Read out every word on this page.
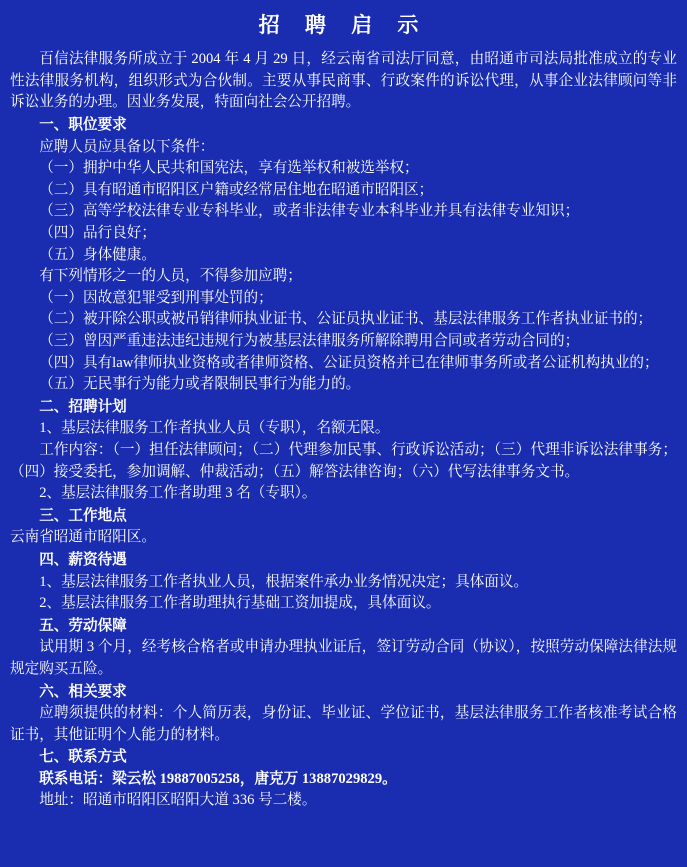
招 聘 启 示

百信法律服务所成立于 2004 年 4 月 29 日，经云南省司法厅同意，由昭通市司法局批准成立的专业性法律服务机构，组织形式为合伙制。主要从事民商事、行政案件的诉讼代理，从事企业法律顾问等非诉讼业务的办理。因业务发展，特面向社会公开招聘。

一、职位要求

应聘人员应具备以下条件：

（一）拥护中华人民共和国宪法，享有选举权和被选举权；

（二）具有昭通市昭阳区户籍或经常居住地在昭通市昭阳区；

（三）高等学校法律专业专科毕业，或者非法律专业本科毕业并具有法律专业知识；

（四）品行良好；

（五）身体健康。

有下列情形之一的人员，不得参加应聘；

（一）因故意犯罪受到刑事处罚的；

（二）被开除公职或被吊销律师执业证书、公证员执业证书、基层法律服务工作者执业证书的；

（三）曾因严重违法违纪违规行为被基层法律服务所解除聘用合同或者劳动合同的；

（四）具有law律师执业资格或者律师资格、公证员资格并已在律师事务所或者公证机构执业的；

（五）无民事行为能力或者限制民事行为能力的。

二、招聘计划

1、基层法律服务工作者执业人员（专职），名额无限。

工作内容：（一）担任法律顾问；（二）代理参加民事、行政诉讼活动；（三）代理非诉讼法律事务；（四）接受委托，参加调解、仲裁活动；（五）解答法律咨询；（六）代写法律事务文书。

2、基层法律服务工作者助理 3 名（专职）。

三、工作地点

云南省昭通市昭阳区。

四、薪资待遇

1、基层法律服务工作者执业人员，根据案件承办业务情况决定；具体面议。

2、基层法律服务工作者助理执行基础工资加提成，具体面议。

五、劳动保障

试用期 3 个月，经考核合格者或申请办理执业证后，签订劳动合同（协议），按照劳动保障法律法规规定购买五险。

六、相关要求

应聘须提供的材料：个人简历表，身份证、毕业证、学位证书，基层法律服务工作者核准考试合格证书，其他证明个人能力的材料。

七、联系方式

联系电话：梁云松 19887005258，唐克万 13887029829。

地址：昭通市昭阳区昭阳大道 336 号二楼。
